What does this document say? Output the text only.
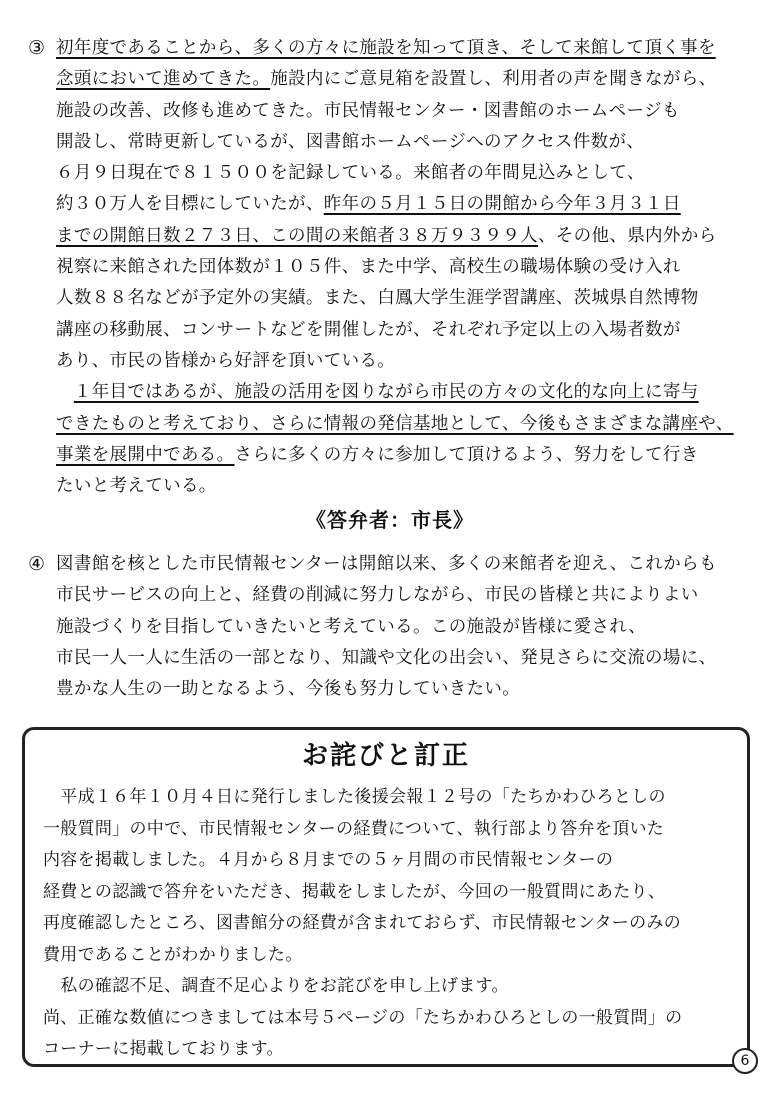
③ 初年度であることから、多くの方々に施設を知って頂き、そして来館して頂く事を
念頭において進めてきた。施設内にご意見箱を設置し、利用者の声を聞きながら、
施設の改善、改修も進めてきた。市民情報センター・図書館のホームページも
開設し、常時更新しているが、図書館ホームページへのアクセス件数が、
６月９日現在で８１５００を記録している。来館者の年間見込みとして、
約３０万人を目標にしていたが、昨年の５月１５日の開館から今年３月３１日
までの開館日数２７３日、この間の来館者３８万９３９９人、その他、県内外から
視察に来館された団体数が１０５件、また中学、高校生の職場体験の受け入れ
人数８８名などが予定外の実績。また、白鳳大学生涯学習講座、茨城県自然博物
講座の移動展、コンサートなどを開催したが、それぞれ予定以上の入場者数が
あり、市民の皆様から好評を頂いている。
　１年目ではあるが、施設の活用を図りながら市民の方々の文化的な向上に寄与
できたものと考えており、さらに情報の発信基地として、今後もさまざまな講座や、
事業を展開中である。さらに多くの方々に参加して頂けるよう、努力をして行き
たいと考えている。
《答弁者：市長》
④ 図書館を核とした市民情報センターは開館以来、多くの来館者を迎え、これからも
市民サービスの向上と、経費の削減に努力しながら、市民の皆様と共によりよい
施設づくりを目指していきたいと考えている。この施設が皆様に愛され、
市民一人一人に生活の一部となり、知識や文化の出会い、発見さらに交流の場に、
豊かな人生の一助となるよう、今後も努力していきたい。
お詫びと訂正
　平成１６年１０月４日に発行しました後援会報１２号の「たちかわひろとしの
一般質問」の中で、市民情報センターの経費について、執行部より答弁を頂いた
内容を掲載しました。４月から８月までの５ヶ月間の市民情報センターの
経費との認識で答弁をいただき、掲載をしましたが、今回の一般質問にあたり、
再度確認したところ、図書館分の経費が含まれておらず、市民情報センターのみの
費用であることがわかりました。
　私の確認不足、調査不足心よりをお詫びを申し上げます。
尚、正確な数値につきましては本号５ページの「たちかわひろとしの一般質問」の
コーナーに掲載しております。
6
